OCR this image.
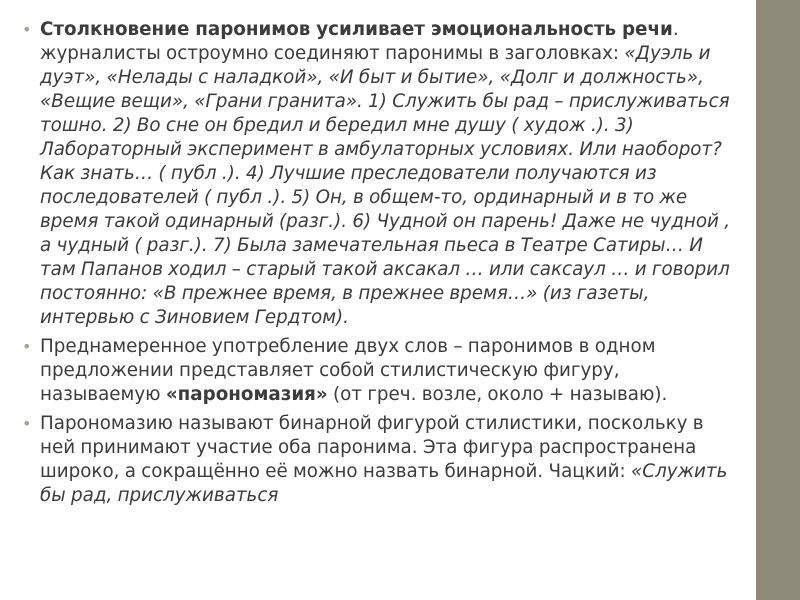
• Столкновение паронимов усиливает эмоциональность речи. журналисты остроумно соединяют паронимы в заголовках: «Дуэль и дуэт», «Нелады с наладкой», «И быт и бытие», «Долг и должность», «Вещие вещи», «Грани гранита». 1) Служить бы рад – прислуживаться тошно. 2) Во сне он бредил и бередил мне душу ( худож .). 3) Лабораторный эксперимент в амбулаторных условиях. Или наоборот? Как знать… ( публ .). 4) Лучшие преследователи получаются из последователей ( публ .). 5) Он, в общем-то, ординарный и в то же время такой одинарный (разг.). 6) Чудной он парень! Даже не чудной , а чудный ( разг.). 7) Была замечательная пьеса в Театре Сатиры… И там Папанов ходил – старый такой аксакал … или саксаул … и говорил постоянно: «В прежнее время, в прежнее время…» (из газеты, интервью с Зиновием Гердтом).
• Преднамеренное употребление двух слов – паронимов в одном предложении представляет собой стилистическую фигуру, называемую «парономазия» (от греч. возле, около + называю).
• Парономазию называют бинарной фигурой стилистики, поскольку в ней принимают участие оба паронима. Эта фигура распространена широко, а сокращённо её можно назвать бинарной. Чацкий: «Служить бы рад, прислуживаться
